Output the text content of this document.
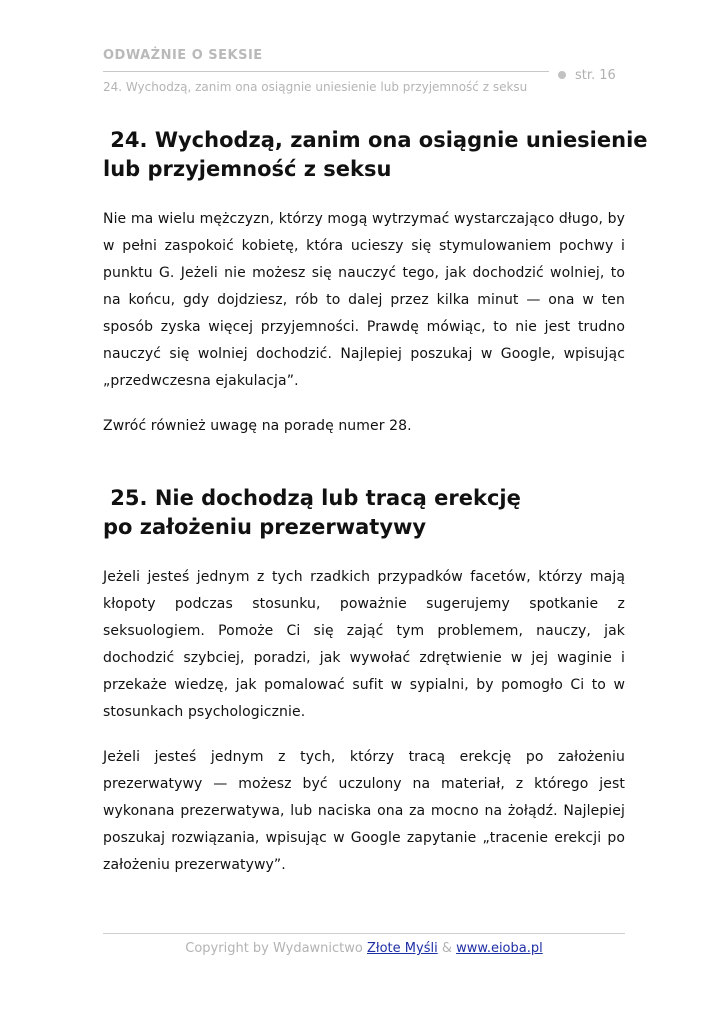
ODWAŻNIE O SEKSIE
str. 16
24. Wychodzą, zanim ona osiągnie uniesienie lub przyjemność z seksu
24. Wychodzą, zanim ona osiągnie uniesienie
lub przyjemność z seksu

Nie ma wielu mężczyzn, którzy mogą wytrzymać wystarczająco długo, by w pełni zaspokoić kobietę, która ucieszy się stymulowaniem pochwy i punktu G. Jeżeli nie możesz się nauczyć tego, jak dochodzić wolniej, to na końcu, gdy dojdziesz, rób to dalej przez kilka minut — ona w ten sposób zyska więcej przyjemności. Prawdę mówiąc, to nie jest trudno nauczyć się wolniej dochodzić. Najlepiej poszukaj w Google, wpisując „przedwczesna ejakulacja”.

Zwróć również uwagę na poradę numer 28.

25. Nie dochodzą lub tracą erekcję
po założeniu prezerwatywy

Jeżeli jesteś jednym z tych rzadkich przypadków facetów, którzy mają kłopoty podczas stosunku, poważnie sugerujemy spotkanie z seksuologiem. Pomoże Ci się zająć tym problemem, nauczy, jak dochodzić szybciej, poradzi, jak wywołać zdrętwienie w jej waginie i przekaże wiedzę, jak pomalować sufit w sypialni, by pomogło Ci to w stosunkach psychologicznie.

Jeżeli jesteś jednym z tych, którzy tracą erekcję po założeniu prezerwatywy — możesz być uczulony na materiał, z którego jest wykonana prezerwatywa, lub naciska ona za mocno na żołądź. Najlepiej poszukaj rozwiązania, wpisując w Google zapytanie „tracenie erekcji po założeniu prezerwatywy”.

Copyright by Wydawnictwo Złote Myśli & www.eioba.pl
